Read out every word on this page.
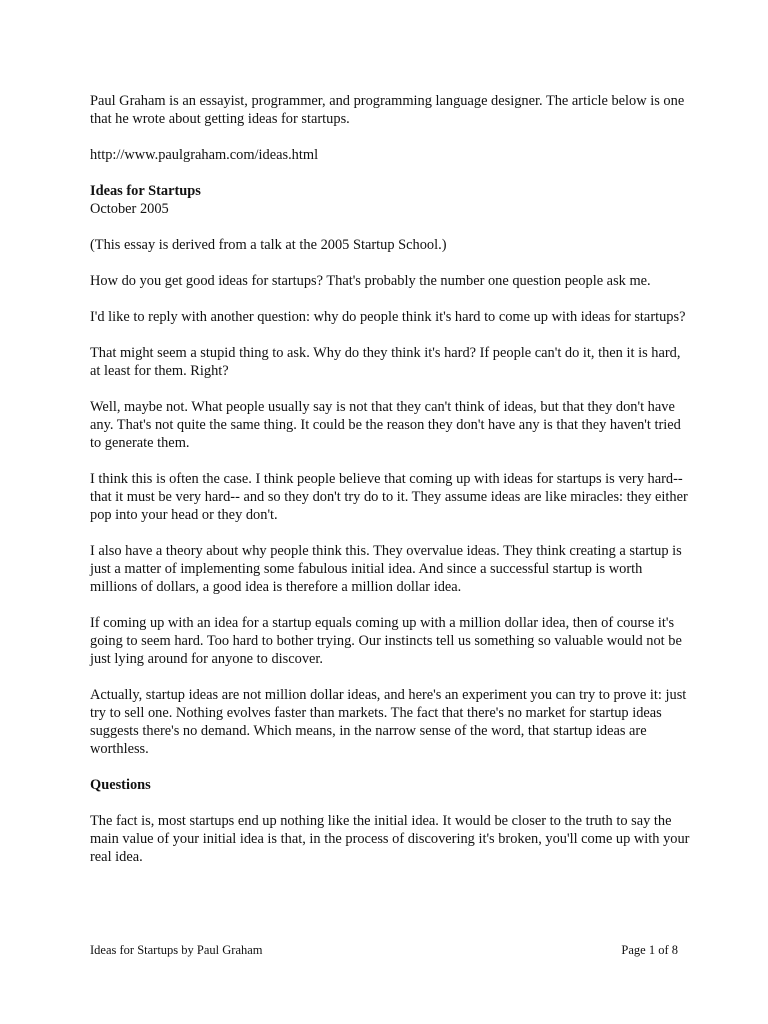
Paul Graham is an essayist, programmer, and programming language designer. The article below is one that he wrote about getting ideas for startups.

http://www.paulgraham.com/ideas.html

Ideas for Startups
October 2005

(This essay is derived from a talk at the 2005 Startup School.)

How do you get good ideas for startups? That's probably the number one question people ask me.

I'd like to reply with another question: why do people think it's hard to come up with ideas for startups?

That might seem a stupid thing to ask. Why do they think it's hard? If people can't do it, then it is hard, at least for them. Right?

Well, maybe not. What people usually say is not that they can't think of ideas, but that they don't have any. That's not quite the same thing. It could be the reason they don't have any is that they haven't tried to generate them.

I think this is often the case. I think people believe that coming up with ideas for startups is very hard-- that it must be very hard-- and so they don't try do to it. They assume ideas are like miracles: they either pop into your head or they don't.

I also have a theory about why people think this. They overvalue ideas. They think creating a startup is just a matter of implementing some fabulous initial idea. And since a successful startup is worth millions of dollars, a good idea is therefore a million dollar idea.

If coming up with an idea for a startup equals coming up with a million dollar idea, then of course it's going to seem hard. Too hard to bother trying. Our instincts tell us something so valuable would not be just lying around for anyone to discover.

Actually, startup ideas are not million dollar ideas, and here's an experiment you can try to prove it: just try to sell one. Nothing evolves faster than markets. The fact that there's no market for startup ideas suggests there's no demand. Which means, in the narrow sense of the word, that startup ideas are worthless.

Questions

The fact is, most startups end up nothing like the initial idea. It would be closer to the truth to say the main value of your initial idea is that, in the process of discovering it's broken, you'll come up with your real idea.

Ideas for Startups by Paul Graham	Page 1 of 8
